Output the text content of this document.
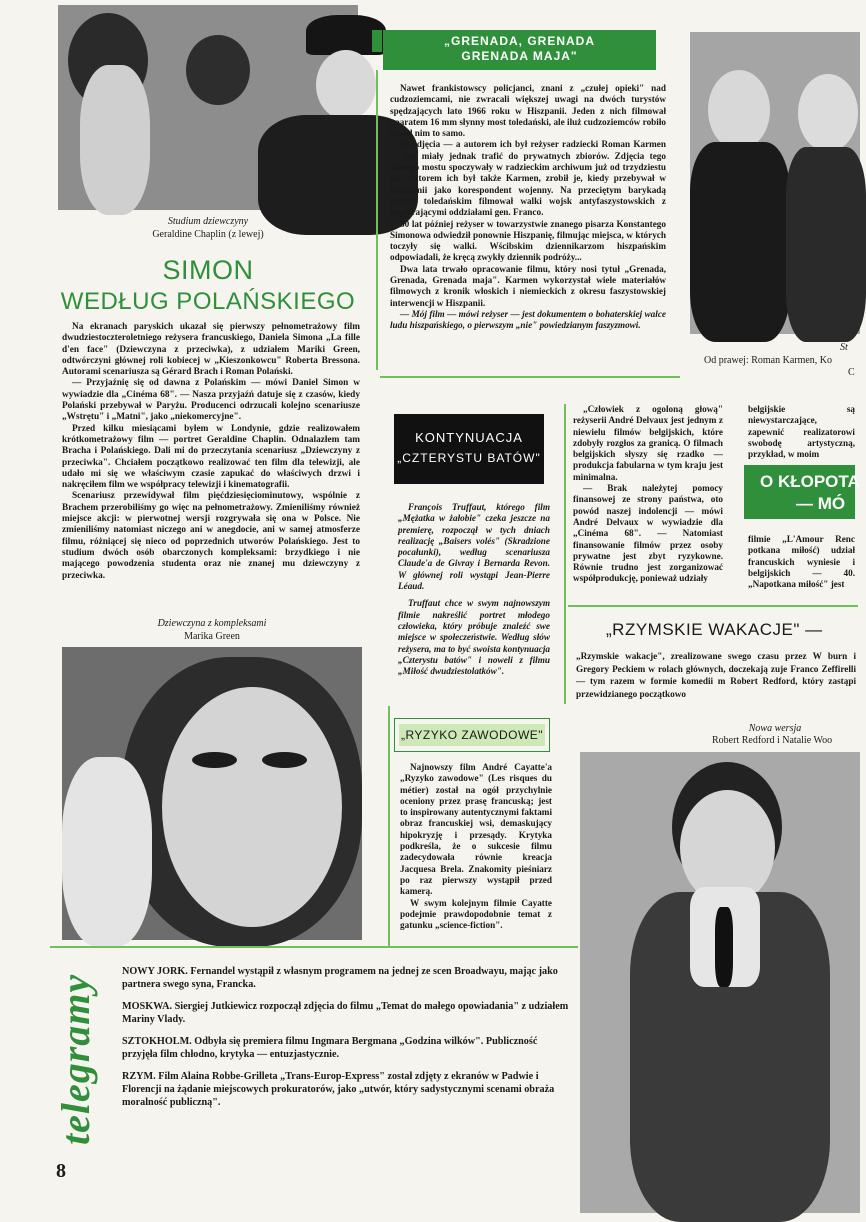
Studium dziewczyny
Geraldine Chaplin (z lewej)
St
Od prawej: Roman Karmen, Ko
C
Dziewczyna z kompleksami
Marika Green
Nowa wersja
Robert Redford i Natalie Woo
SIMON
WEDŁUG POLAŃSKIEGO

Na ekranach paryskich ukazał się pierwszy pełnometrażowy film dwudziestoczteroletniego reżysera francuskiego, Daniela Simona „La fille d'en face" (Dziewczyna z przeciwka), z udziałem Mariki Green, odtwórczyni głównej roli kobiecej w „Kieszonkowcu" Roberta Bressona. Autorami scenariusza są Gérard Brach i Roman Polański.

— Przyjaźnię się od dawna z Polańskim — mówi Daniel Simon w wywiadzie dla „Cinéma 68". — Nasza przyjaźń datuje się z czasów, kiedy Polański przebywał w Paryżu. Producenci odrzucali kolejno scenariusze „Wstrętu" i „Matni", jako „niekomercyjne".

Przed kilku miesiącami byłem w Londynie, gdzie realizowałem krótkometrażowy film — portret Geraldine Chaplin. Odnalazłem tam Bracha i Polańskiego. Dali mi do przeczytania scenariusz „Dziewczyny z przeciwka". Chciałem początkowo realizować ten film dla telewizji, ale udało mi się we właściwym czasie zapukać do właściwych drzwi i nakręciłem film we współpracy telewizji i kinematografii.

Scenariusz przewidywał film pięćdziesięciominutowy, wspólnie z Brachem przerobiliśmy go więc na pełnometrażowy. Zmieniliśmy również miejsce akcji: w pierwotnej wersji rozgrywała się ona w Polsce. Nie zmieniliśmy natomiast niczego ani w anegdocie, ani w samej atmosferze filmu, różniącej się nieco od poprzednich utworów Polańskiego. Jest to studium dwóch osób obarczonych kompleksami: brzydkiego i nie mającego powodzenia studenta oraz nie znanej mu dziewczyny z przeciwka.

„GRENADA, GRENADA
GRENADA MAJA"

Nawet frankistowscy policjanci, znani z „czułej opieki" nad cudzoziemcami, nie zwracali większej uwagi na dwóch turystów spędzających lato 1966 roku w Hiszpanii. Jeden z nich filmował aparatem 16 mm słynny most toledański, ale iluż cudzoziemców robiło przed nim to samo.

Te zdjęcia — a autorem ich był reżyser radziecki Roman Karmen — nie miały jednak trafić do prywatnych zbiorów. Zdjęcia tego samego mostu spoczywały w radzieckim archiwum już od trzydziestu lat. Autorem ich był także Karmen, zrobił je, kiedy przebywał w Hiszpanii jako korespondent wojenny. Na przeciętym barykadą moście toledańskim filmował walki wojsk antyfaszystowskich z napierającymi oddziałami gen. Franco.

30 lat później reżyser w towarzystwie znanego pisarza Konstantego Simonowa odwiedził ponownie Hiszpanię, filmując miejsca, w których toczyły się walki. Wścibskim dziennikarzom hiszpańskim odpowiadali, że kręcą zwykły dziennik podróży...

Dwa lata trwało opracowanie filmu, który nosi tytuł „Grenada, Grenada, Grenada maja". Karmen wykorzystał wiele materiałów filmowych z kronik włoskich i niemieckich z okresu faszystowskiej interwencji w Hiszpanii.

— Mój film — mówi reżyser — jest dokumentem o bohaterskiej walce ludu hiszpańskiego, o pierwszym „nie" powiedzianym faszyzmowi.

KONTYNUACJA
„CZTERYSTU BATÓW"

François Truffaut, którego film „Mężatka w żałobie" czeka jeszcze na premierę, rozpoczął w tych dniach realizację „Baisers volés" (Skradzione pocałunki), według scenariusza Claude'a de Givray i Bernarda Revon. W głównej roli wystąpi Jean-Pierre Léaud.

Truffaut chce w swym najnowszym filmie nakreślić portret młodego człowieka, który próbuje znaleźć swe miejsce w społeczeństwie. Według słów reżysera, ma to być swoista kontynuacja „Czterystu batów" i noweli z filmu „Miłość dwudziestolatków".

„Człowiek z ogoloną głową" reżyserii André Delvaux jest jednym z niewielu filmów belgijskich, które zdobyły rozgłos za granicą. O filmach belgijskich słyszy się rzadko — produkcja fabularna w tym kraju jest minimalna.

— Brak należytej pomocy finansowej ze strony państwa, oto powód naszej indolencji — mówi André Delvaux w wywiadzie dla „Cinéma 68". — Natomiast finansowanie filmów przez osoby prywatne jest zbyt ryzykowne. Równie trudno jest zorganizować współprodukcję, ponieważ udziały

belgijskie są niewystarczające, zapewnić realizatorowi swobodę artystyczną, przykład, w moim
O KŁOPOTA
— MÓ
filmie „L'Amour Renc potkana miłość) udział francuskich wyniesie i belgijskich — 40. „Napotkana miłość" jest
„RZYMSKIE WAKACJE" —
„Rzymskie wakacje", zrealizowane swego czasu przez W burn i Gregory Peckiem w rolach głównych, doczekają zuje Franco Zeffirelli — tym razem w formie komedii m Robert Redford, który zastąpi przewidzianego początkowo
„RYZYKO ZAWODOWE"

Najnowszy film André Cayatte'a „Ryzyko zawodowe" (Les risques du métier) został na ogół przychylnie oceniony przez prasę francuską; jest to inspirowany autentycznymi faktami obraz francuskiej wsi, demaskujący hipokryzję i przesądy. Krytyka podkreśla, że o sukcesie filmu zadecydowała równie kreacja Jacquesa Brela. Znakomity pieśniarz po raz pierwszy wystąpił przed kamerą.

W swym kolejnym filmie Cayatte podejmie prawdopodobnie temat z gatunku „science-fiction".

telegramy
NOWY JORK. Fernandel wystąpił z własnym programem na jednej ze scen Broadwayu, mając jako partnera swego syna, Francka.
MOSKWA. Siergiej Jutkiewicz rozpoczął zdjęcia do filmu „Temat do małego opowiadania" z udziałem Mariny Vlady.
SZTOKHOLM. Odbyła się premiera filmu Ingmara Bergmana „Godzina wilków". Publiczność przyjęła film chłodno, krytyka — entuzjastycznie.
RZYM. Film Alaina Robbe-Grilleta „Trans-Europ-Express" został zdjęty z ekranów w Padwie i Florencji na żądanie miejscowych prokuratorów, jako „utwór, który sadystycznymi scenami obraża moralność publiczną".
8
